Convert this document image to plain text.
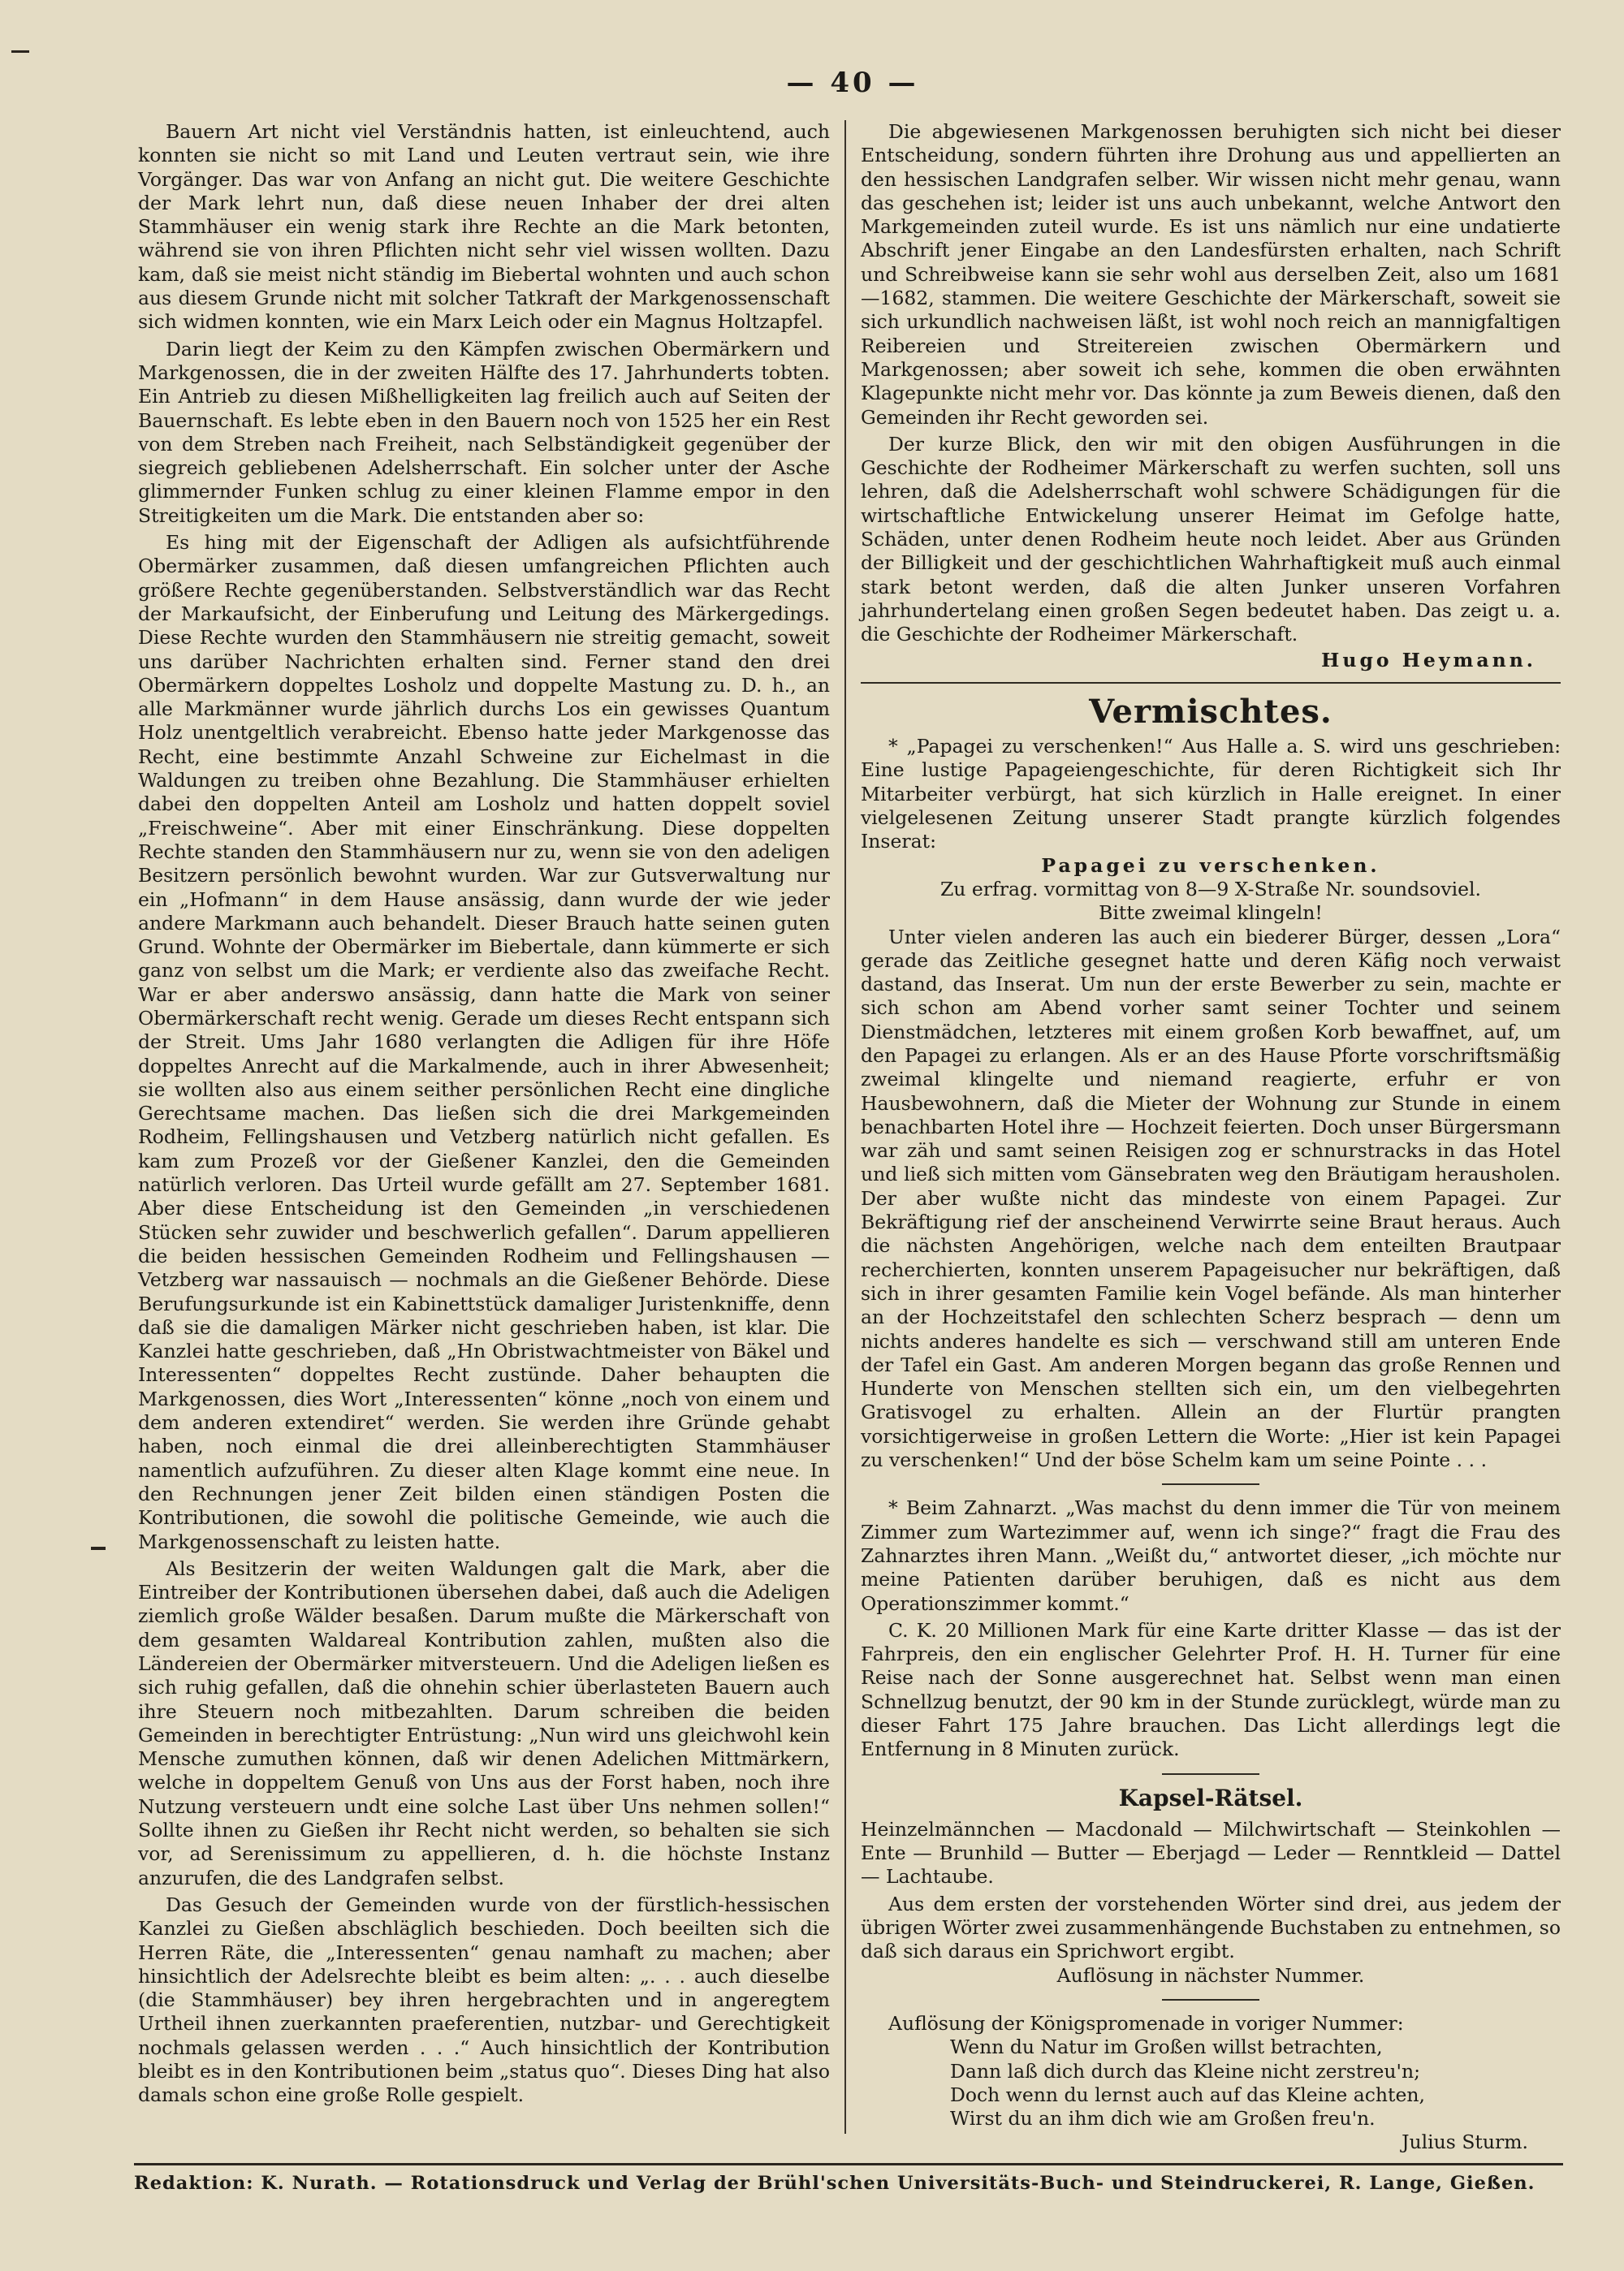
— 40 —

Bauern Art nicht viel Verständnis hatten, ist einleuchtend, auch konnten sie nicht so mit Land und Leuten vertraut sein, wie ihre Vorgänger. Das war von Anfang an nicht gut. Die weitere Geschichte der Mark lehrt nun, daß diese neuen Inhaber der drei alten Stammhäuser ein wenig stark ihre Rechte an die Mark betonten, während sie von ihren Pflichten nicht sehr viel wissen wollten. Dazu kam, daß sie meist nicht ständig im Biebertal wohnten und auch schon aus diesem Grunde nicht mit solcher Tatkraft der Markgenossenschaft sich widmen konnten, wie ein Marx Leich oder ein Magnus Holtzapfel.

Darin liegt der Keim zu den Kämpfen zwischen Obermärkern und Markgenossen, die in der zweiten Hälfte des 17. Jahrhunderts tobten. Ein Antrieb zu diesen Mißhelligkeiten lag freilich auch auf Seiten der Bauernschaft. Es lebte eben in den Bauern noch von 1525 her ein Rest von dem Streben nach Freiheit, nach Selbständigkeit gegenüber der siegreich gebliebenen Adelsherrschaft. Ein solcher unter der Asche glimmernder Funken schlug zu einer kleinen Flamme empor in den Streitigkeiten um die Mark. Die entstanden aber so:

Es hing mit der Eigenschaft der Adligen als aufsichtführende Obermärker zusammen, daß diesen umfangreichen Pflichten auch größere Rechte gegenüberstanden. Selbstverständlich war das Recht der Markaufsicht, der Einberufung und Leitung des Märkergedings. Diese Rechte wurden den Stammhäusern nie streitig gemacht, soweit uns darüber Nachrichten erhalten sind. Ferner stand den drei Obermärkern doppeltes Losholz und doppelte Mastung zu. D. h., an alle Markmänner wurde jährlich durchs Los ein gewisses Quantum Holz unentgeltlich verabreicht. Ebenso hatte jeder Markgenosse das Recht, eine bestimmte Anzahl Schweine zur Eichelmast in die Waldungen zu treiben ohne Bezahlung. Die Stammhäuser erhielten dabei den doppelten Anteil am Losholz und hatten doppelt soviel „Freischweine“. Aber mit einer Einschränkung. Diese doppelten Rechte standen den Stammhäusern nur zu, wenn sie von den adeligen Besitzern persönlich bewohnt wurden. War zur Gutsverwaltung nur ein „Hofmann“ in dem Hause ansässig, dann wurde der wie jeder andere Markmann auch behandelt. Dieser Brauch hatte seinen guten Grund. Wohnte der Obermärker im Biebertale, dann kümmerte er sich ganz von selbst um die Mark; er verdiente also das zweifache Recht. War er aber anderswo ansässig, dann hatte die Mark von seiner Obermärkerschaft recht wenig. Gerade um dieses Recht entspann sich der Streit. Ums Jahr 1680 verlangten die Adligen für ihre Höfe doppeltes Anrecht auf die Markalmende, auch in ihrer Abwesenheit; sie wollten also aus einem seither persönlichen Recht eine dingliche Gerechtsame machen. Das ließen sich die drei Markgemeinden Rodheim, Fellingshausen und Vetzberg natürlich nicht gefallen. Es kam zum Prozeß vor der Gießener Kanzlei, den die Gemeinden natürlich verloren. Das Urteil wurde gefällt am 27. September 1681. Aber diese Entscheidung ist den Gemeinden „in verschiedenen Stücken sehr zuwider und beschwerlich gefallen“. Darum appellieren die beiden hessischen Gemeinden Rodheim und Fellingshausen — Vetzberg war nassauisch — nochmals an die Gießener Behörde. Diese Berufungsurkunde ist ein Kabinettstück damaliger Juristenkniffe, denn daß sie die damaligen Märker nicht geschrieben haben, ist klar. Die Kanzlei hatte geschrieben, daß „Hn Obristwachtmeister von Bäkel und Interessenten“ doppeltes Recht zustünde. Daher behaupten die Markgenossen, dies Wort „Interessenten“ könne „noch von einem und dem anderen extendiret“ werden. Sie werden ihre Gründe gehabt haben, noch einmal die drei alleinberechtigten Stammhäuser namentlich aufzuführen. Zu dieser alten Klage kommt eine neue. In den Rechnungen jener Zeit bilden einen ständigen Posten die Kontributionen, die sowohl die politische Gemeinde, wie auch die Markgenossenschaft zu leisten hatte.

Als Besitzerin der weiten Waldungen galt die Mark, aber die Eintreiber der Kontributionen übersehen dabei, daß auch die Adeligen ziemlich große Wälder besaßen. Darum mußte die Märkerschaft von dem gesamten Waldareal Kontribution zahlen, mußten also die Ländereien der Obermärker mitversteuern. Und die Adeligen ließen es sich ruhig gefallen, daß die ohnehin schier überlasteten Bauern auch ihre Steuern noch mitbezahlten. Darum schreiben die beiden Gemeinden in berechtigter Entrüstung: „Nun wird uns gleichwohl kein Mensche zumuthen können, daß wir denen Adelichen Mittmärkern, welche in doppeltem Genuß von Uns aus der Forst haben, noch ihre Nutzung versteuern undt eine solche Last über Uns nehmen sollen!“ Sollte ihnen zu Gießen ihr Recht nicht werden, so behalten sie sich vor, ad Serenissimum zu appellieren, d. h. die höchste Instanz anzurufen, die des Landgrafen selbst.

Das Gesuch der Gemeinden wurde von der fürstlich-hessischen Kanzlei zu Gießen abschläglich beschieden. Doch beeilten sich die Herren Räte, die „Interessenten“ genau namhaft zu machen; aber hinsichtlich der Adelsrechte bleibt es beim alten: „. . . auch dieselbe (die Stammhäuser) bey ihren hergebrachten und in angeregtem Urtheil ihnen zuerkannten praeferentien, nutzbar- und Gerechtigkeit nochmals gelassen werden . . .“ Auch hinsichtlich der Kontribution bleibt es in den Kontributionen beim „status quo“. Dieses Ding hat also damals schon eine große Rolle gespielt.

Die abgewiesenen Markgenossen beruhigten sich nicht bei dieser Entscheidung, sondern führten ihre Drohung aus und appellierten an den hessischen Landgrafen selber. Wir wissen nicht mehr genau, wann das geschehen ist; leider ist uns auch unbekannt, welche Antwort den Markgemeinden zuteil wurde. Es ist uns nämlich nur eine undatierte Abschrift jener Eingabe an den Landesfürsten erhalten, nach Schrift und Schreibweise kann sie sehr wohl aus derselben Zeit, also um 1681—1682, stammen. Die weitere Geschichte der Märkerschaft, soweit sie sich urkundlich nachweisen läßt, ist wohl noch reich an mannigfaltigen Reibereien und Streitereien zwischen Obermärkern und Markgenossen; aber soweit ich sehe, kommen die oben erwähnten Klagepunkte nicht mehr vor. Das könnte ja zum Beweis dienen, daß den Gemeinden ihr Recht geworden sei.

Der kurze Blick, den wir mit den obigen Ausführungen in die Geschichte der Rodheimer Märkerschaft zu werfen suchten, soll uns lehren, daß die Adelsherrschaft wohl schwere Schädigungen für die wirtschaftliche Entwickelung unserer Heimat im Gefolge hatte, Schäden, unter denen Rodheim heute noch leidet. Aber aus Gründen der Billigkeit und der geschichtlichen Wahrhaftigkeit muß auch einmal stark betont werden, daß die alten Junker unseren Vorfahren jahrhundertelang einen großen Segen bedeutet haben. Das zeigt u. a. die Geschichte der Rodheimer Märkerschaft.

Hugo Heymann.
Vermischtes.

* „Papagei zu verschenken!“ Aus Halle a. S. wird uns geschrieben: Eine lustige Papageiengeschichte, für deren Richtigkeit sich Ihr Mitarbeiter verbürgt, hat sich kürzlich in Halle ereignet. In einer vielgelesenen Zeitung unserer Stadt prangte kürzlich folgendes Inserat:

Papagei zu verschenken.
Zu erfrag. vormittag von 8—9 X-Straße Nr. soundsoviel.
Bitte zweimal klingeln!

Unter vielen anderen las auch ein biederer Bürger, dessen „Lora“ gerade das Zeitliche gesegnet hatte und deren Käfig noch verwaist dastand, das Inserat. Um nun der erste Bewerber zu sein, machte er sich schon am Abend vorher samt seiner Tochter und seinem Dienstmädchen, letzteres mit einem großen Korb bewaffnet, auf, um den Papagei zu erlangen. Als er an des Hause Pforte vorschriftsmäßig zweimal klingelte und niemand reagierte, erfuhr er von Hausbewohnern, daß die Mieter der Wohnung zur Stunde in einem benachbarten Hotel ihre — Hochzeit feierten. Doch unser Bürgersmann war zäh und samt seinen Reisigen zog er schnurstracks in das Hotel und ließ sich mitten vom Gänsebraten weg den Bräutigam herausholen. Der aber wußte nicht das mindeste von einem Papagei. Zur Bekräftigung rief der anscheinend Verwirrte seine Braut heraus. Auch die nächsten Angehörigen, welche nach dem enteilten Brautpaar recherchierten, konnten unserem Papageisucher nur bekräftigen, daß sich in ihrer gesamten Familie kein Vogel befände. Als man hinterher an der Hochzeitstafel den schlechten Scherz besprach — denn um nichts anderes handelte es sich — verschwand still am unteren Ende der Tafel ein Gast. Am anderen Morgen begann das große Rennen und Hunderte von Menschen stellten sich ein, um den vielbegehrten Gratisvogel zu erhalten. Allein an der Flurtür prangten vorsichtigerweise in großen Lettern die Worte: „Hier ist kein Papagei zu verschenken!“ Und der böse Schelm kam um seine Pointe . . .

* Beim Zahnarzt. „Was machst du denn immer die Tür von meinem Zimmer zum Wartezimmer auf, wenn ich singe?“ fragt die Frau des Zahnarztes ihren Mann. „Weißt du,“ antwortet dieser, „ich möchte nur meine Patienten darüber beruhigen, daß es nicht aus dem Operationszimmer kommt.“

C. K. 20 Millionen Mark für eine Karte dritter Klasse — das ist der Fahrpreis, den ein englischer Gelehrter Prof. H. H. Turner für eine Reise nach der Sonne ausgerechnet hat. Selbst wenn man einen Schnellzug benutzt, der 90 km in der Stunde zurücklegt, würde man zu dieser Fahrt 175 Jahre brauchen. Das Licht allerdings legt die Entfernung in 8 Minuten zurück.

Kapsel-Rätsel.

Heinzelmännchen — Macdonald — Milchwirtschaft — Steinkohlen — Ente — Brunhild — Butter — Eberjagd — Leder — Renntkleid — Dattel — Lachtaube.

Aus dem ersten der vorstehenden Wörter sind drei, aus jedem der übrigen Wörter zwei zusammenhängende Buchstaben zu entnehmen, so daß sich daraus ein Sprichwort ergibt.

Auflösung in nächster Nummer.

Auflösung der Königspromenade in voriger Nummer:

Wenn du Natur im Großen willst betrachten,
Dann laß dich durch das Kleine nicht zerstreu'n;
Doch wenn du lernst auch auf das Kleine achten,
Wirst du an ihm dich wie am Großen freu'n.
Julius Sturm.
Redaktion: K. Nurath. — Rotationsdruck und Verlag der Brühl'schen Universitäts-Buch- und Steindruckerei, R. Lange, Gießen.
